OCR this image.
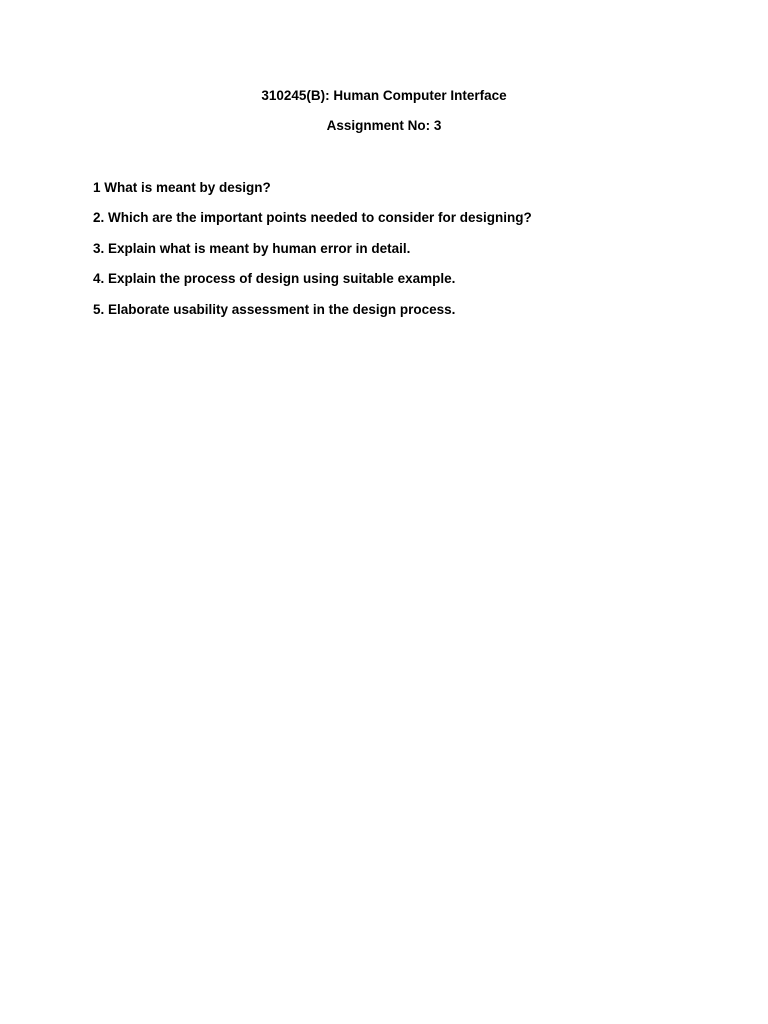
310245(B): Human Computer Interface
Assignment No: 3
1 What is meant by design?
2. Which are the important points needed to consider for designing?
3. Explain what is meant by human error in detail.
4. Explain the process of design using suitable example.
5. Elaborate usability assessment in the design process.
